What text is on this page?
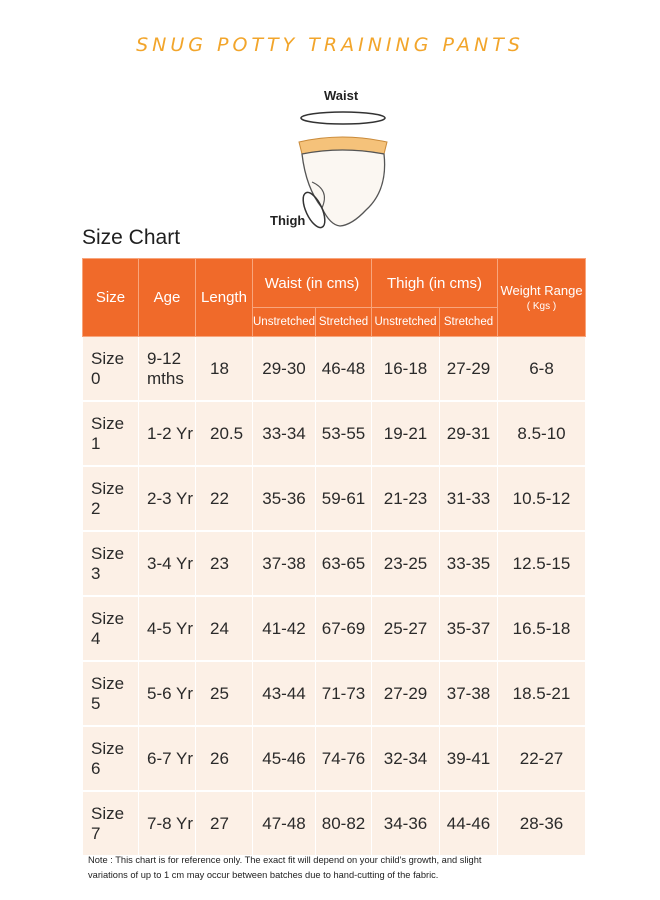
SNUG POTTY TRAINING PANTS
Waist
Thigh
Size Chart
Size	Age	Length	Waist (in cms)		Thigh (in cms)		Weight Range
( Kgs )

			Unstretched	Stretched	Unstretched	Stretched	
Size 0	9-12 mths	18	29-30	46-48	16-18	27-29	6-8
Size 1	1-2 Yr	20.5	33-34	53-55	19-21	29-31	8.5-10
Size 2	2-3 Yr	22	35-36	59-61	21-23	31-33	10.5-12
Size 3	3-4 Yr	23	37-38	63-65	23-25	33-35	12.5-15
Size 4	4-5 Yr	24	41-42	67-69	25-27	35-37	16.5-18
Size 5	5-6 Yr	25	43-44	71-73	27-29	37-38	18.5-21
Size 6	6-7 Yr	26	45-46	74-76	32-34	39-41	22-27
Size 7	7-8 Yr	27	47-48	80-82	34-36	44-46	28-36
Note : This chart is for reference only. The exact fit will depend on your child's growth, and slight variations of up to 1 cm may occur between batches due to hand-cutting of the fabric.
